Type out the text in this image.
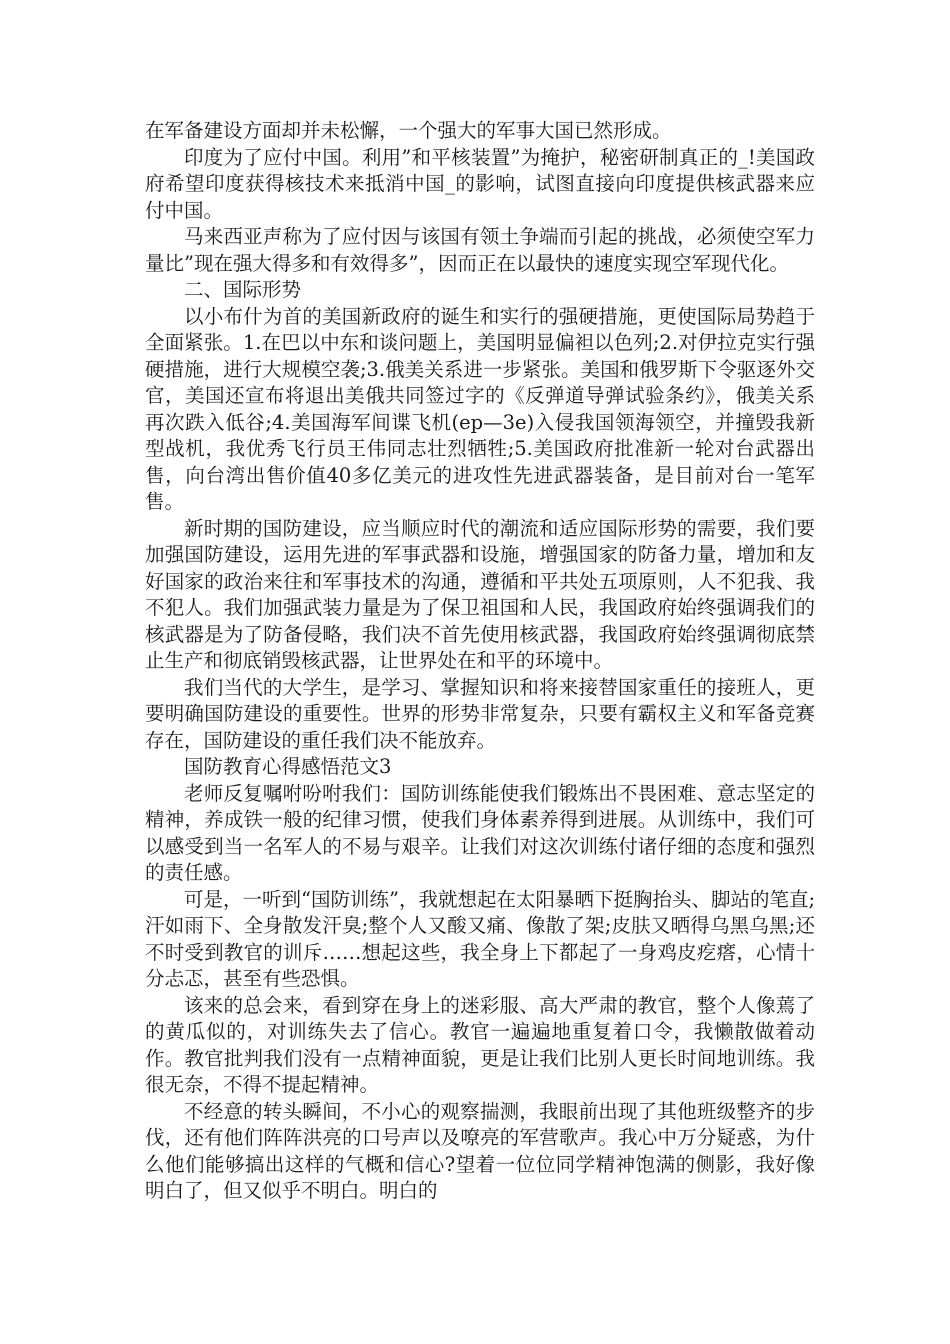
在军备建设方面却并未松懈，一个强大的军事大国已然形成。

印度为了应付中国。利用”和平核装置”为掩护，秘密研制真正的_!美国政府希望印度获得核技术来抵消中国_的影响，试图直接向印度提供核武器来应付中国。

马来西亚声称为了应付因与该国有领土争端而引起的挑战，必须使空军力量比”现在强大得多和有效得多”，因而正在以最快的速度实现空军现代化。

二、国际形势

以小布什为首的美国新政府的诞生和实行的强硬措施，更使国际局势趋于全面紧张。1.在巴以中东和谈问题上，美国明显偏袒以色列;2.对伊拉克实行强硬措施，进行大规模空袭;3.俄美关系进一步紧张。美国和俄罗斯下令驱逐外交官，美国还宣布将退出美俄共同签过字的《反弹道导弹试验条约》，俄美关系再次跌入低谷;4.美国海军间谍飞机(ep—3e)入侵我国领海领空，并撞毁我新型战机，我优秀飞行员王伟同志壮烈牺牲;5.美国政府批准新一轮对台武器出售，向台湾出售价值40多亿美元的进攻性先进武器装备，是目前对台一笔军售。

新时期的国防建设，应当顺应时代的潮流和适应国际形势的需要，我们要加强国防建设，运用先进的军事武器和设施，增强国家的防备力量，增加和友好国家的政治来往和军事技术的沟通，遵循和平共处五项原则，人不犯我、我不犯人。我们加强武装力量是为了保卫祖国和人民，我国政府始终强调我们的核武器是为了防备侵略，我们决不首先使用核武器，我国政府始终强调彻底禁止生产和彻底销毁核武器，让世界处在和平的环境中。

我们当代的大学生，是学习、掌握知识和将来接替国家重任的接班人，更要明确国防建设的重要性。世界的形势非常复杂，只要有霸权主义和军备竞赛存在，国防建设的重任我们决不能放弃。

国防教育心得感悟范文3

老师反复嘱咐吩咐我们：国防训练能使我们锻炼出不畏困难、意志坚定的精神，养成铁一般的纪律习惯，使我们身体素养得到进展。从训练中，我们可以感受到当一名军人的不易与艰辛。让我们对这次训练付诸仔细的态度和强烈的责任感。

可是，一听到“国防训练”，我就想起在太阳暴晒下挺胸抬头、脚站的笔直;汗如雨下、全身散发汗臭;整个人又酸又痛、像散了架;皮肤又晒得乌黑乌黑;还不时受到教官的训斥……想起这些，我全身上下都起了一身鸡皮疙瘩，心情十分忐忑，甚至有些恐惧。

该来的总会来，看到穿在身上的迷彩服、高大严肃的教官，整个人像蔫了的黄瓜似的，对训练失去了信心。教官一遍遍地重复着口令，我懒散做着动作。教官批判我们没有一点精神面貌，更是让我们比别人更长时间地训练。我很无奈，不得不提起精神。

不经意的转头瞬间，不小心的观察揣测，我眼前出现了其他班级整齐的步伐，还有他们阵阵洪亮的口号声以及嘹亮的军营歌声。我心中万分疑惑，为什么他们能够搞出这样的气概和信心?望着一位位同学精神饱满的侧影，我好像明白了，但又似乎不明白。明白的
